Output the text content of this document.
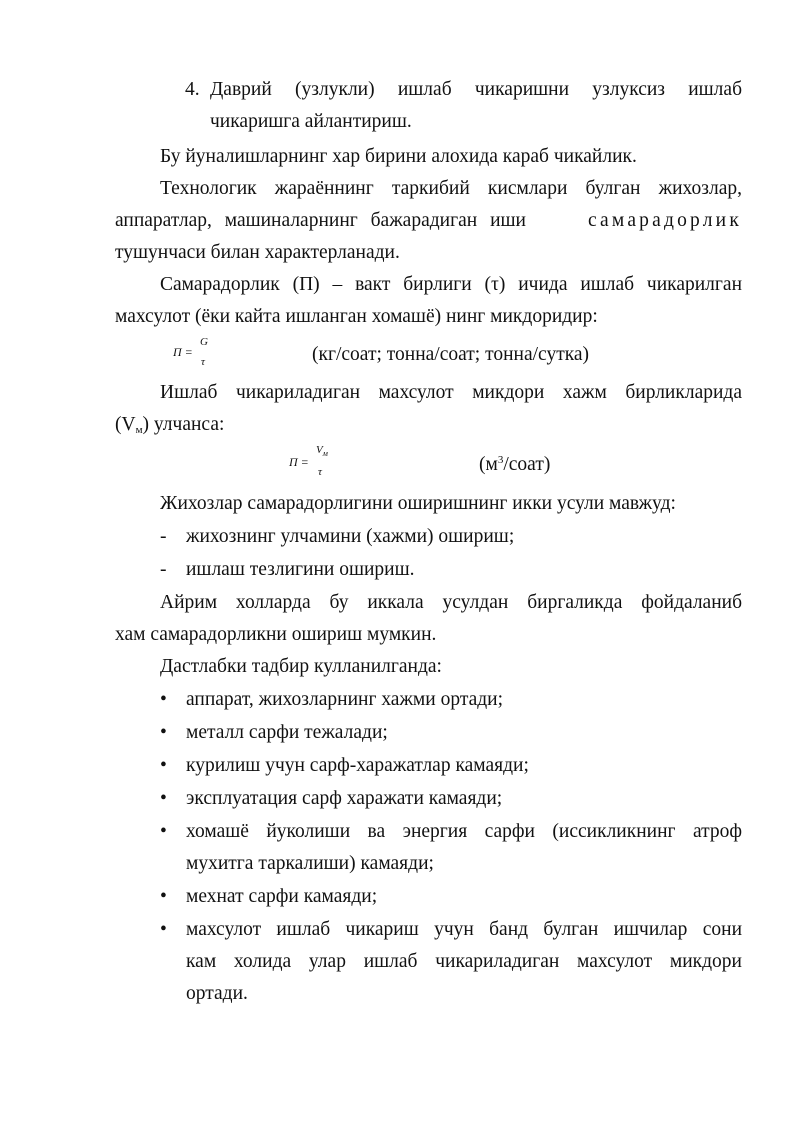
4. Даврий (узлукли) ишлаб чикаришни узлуксиз ишлаб
чикаришга айлантириш.
Бу йуналишларнинг хар бирини алохида караб чикайлик.
Технологик жараённинг таркибий кисмлари булган жихозлар,
аппаратлар, машиналарнинг бажарадиган иши	самарадорлик
тушунчаси билан характерланади.
Самарадорлик (П) – вакт бирлиги (τ) ичида ишлаб чикарилган
махсулот (ёки кайта ишланган хомашё) нинг микдоридир:
П =
G
τ	(кг/соат; тонна/соат; тонна/сутка)
Ишлаб чикариладиган махсулот микдори хажм бирликларида
$(V_м)$ улчанса:
П =
$V_м$
τ	$(м^3/соат)$
Жихозлар самарадорлигини оширишнинг икки усули мавжуд:
- жихознинг улчамини (хажми) ошириш;
- ишлаш тезлигини ошириш.
Айрим холларда бу иккала усулдан биргаликда фойдаланиб
хам самарадорликни ошириш мумкин.
Дастлабки тадбир кулланилганда:
• аппарат, жихозларнинг хажми ортади;
• металл сарфи тежалади;
• курилиш учун сарф-харажатлар камаяди;
• эксплуатация сарф харажати камаяди;
• хомашё йуколиши ва энергия сарфи (иссикликнинг атроф
мухитга таркалиши) камаяди;
• мехнат сарфи камаяди;
• махсулот ишлаб чикариш учун банд булган ишчилар сони
кам холида улар ишлаб чикариладиган махсулот микдори
ортади.
